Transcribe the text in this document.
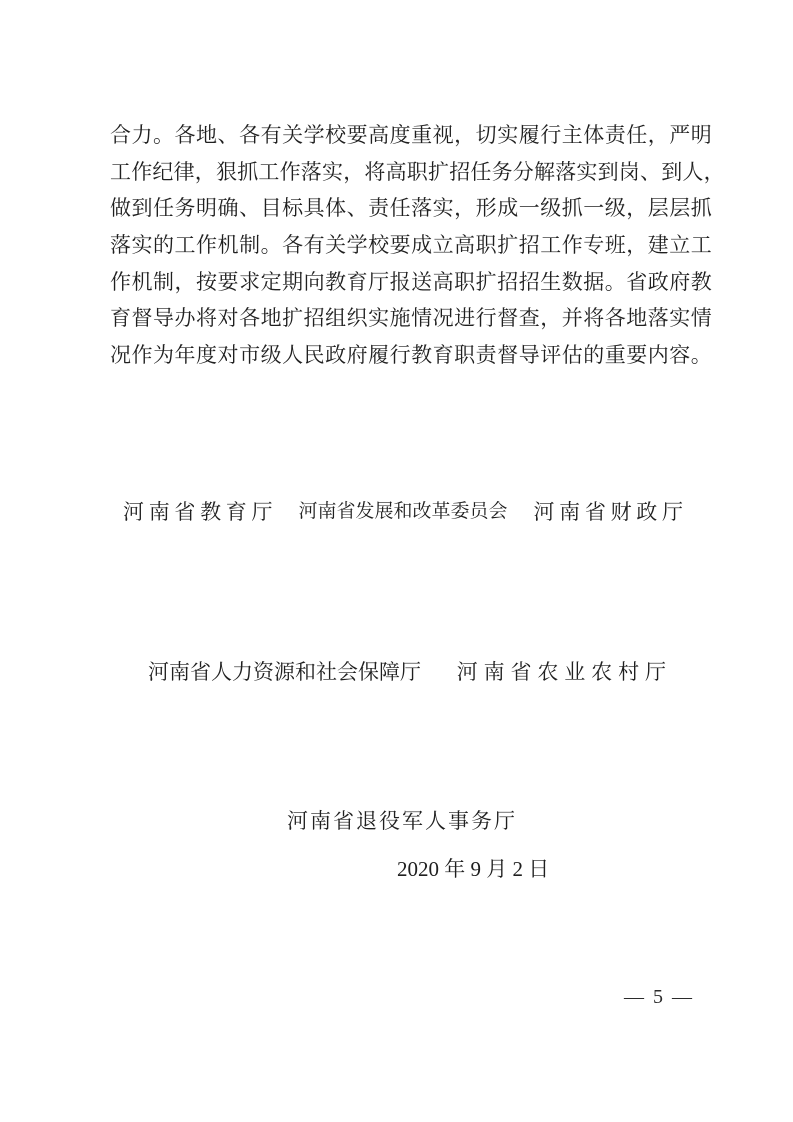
合力。各地、各有关学校要高度重视，切实履行主体责任，严明
工作纪律，狠抓工作落实，将高职扩招任务分解落实到岗、到人，
做到任务明确、目标具体、责任落实，形成一级抓一级，层层抓
落实的工作机制。各有关学校要成立高职扩招工作专班，建立工
作机制，按要求定期向教育厅报送高职扩招招生数据。省政府教
育督导办将对各地扩招组织实施情况进行督查，并将各地落实情
况作为年度对市级人民政府履行教育职责督导评估的重要内容。
河南省教育厅 河南省发展和改革委员会 河南省财政厅
河南省人力资源和社会保障厅 河南省农业农村厅
河南省退役军人事务厅
2020 年 9 月 2 日
— 5 —
